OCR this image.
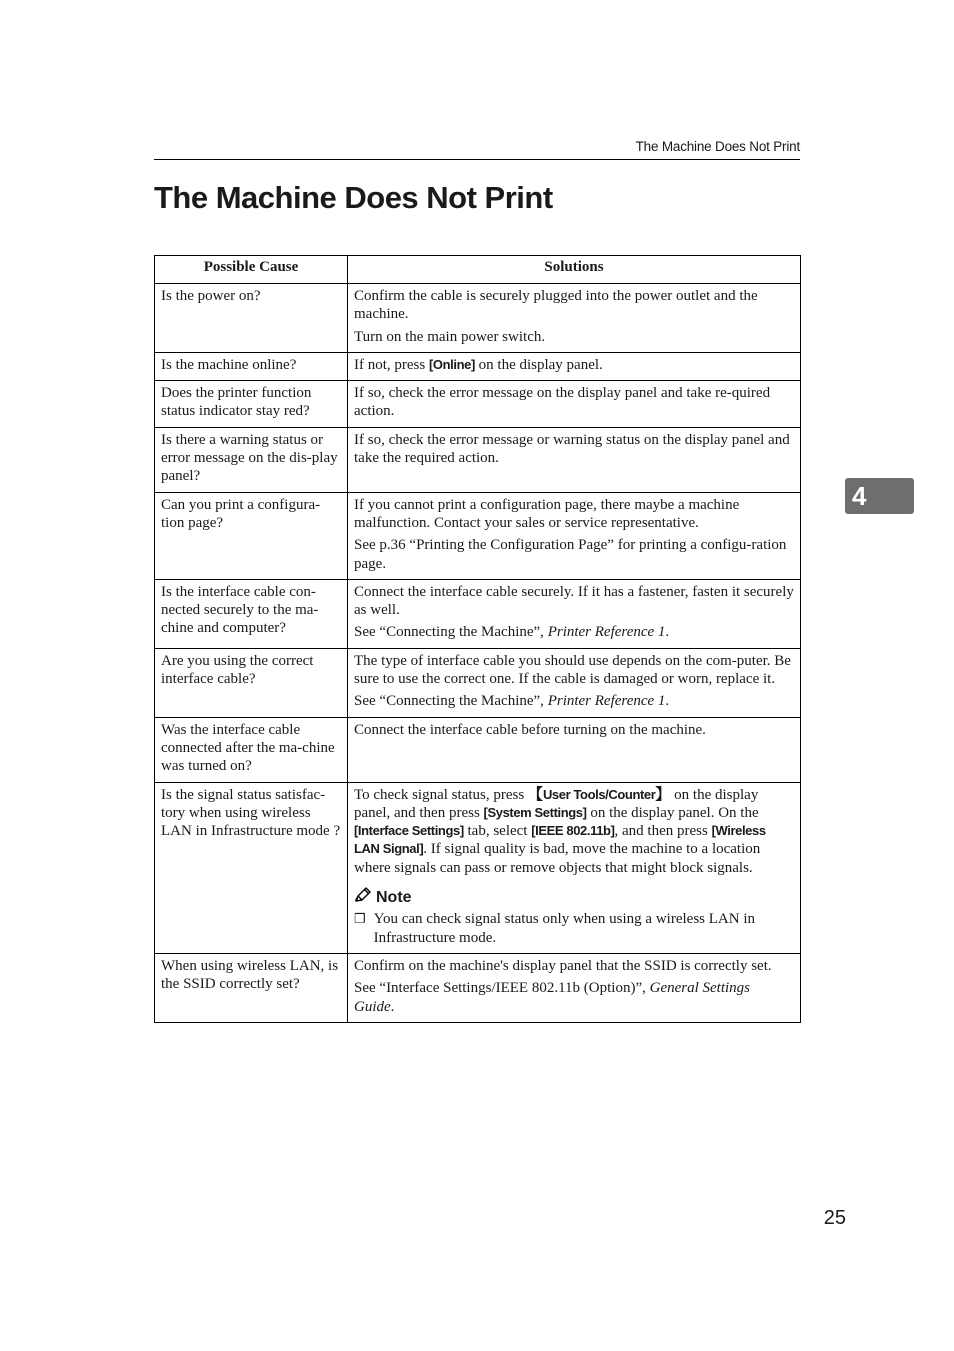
The Machine Does Not Print
The Machine Does Not Print
4
Possible Cause	Solutions
Is the power on?	Confirm the cable is securely plugged into the power outlet and the machine.

Turn on the main power switch.

Is the machine online?	If not, press [Online] on the display panel.

Does the printer function status indicator stay red?	If so, check the error message on the display panel and take re-quired action.

Is there a warning status or error message on the dis-play panel?	If so, check the error message or warning status on the display panel and take the required action.

Can you print a configura-tion page?	If you cannot print a configuration page, there maybe a machine malfunction. Contact your sales or service representative.

See p.36 “Printing the Configuration Page” for printing a configu-ration page.

Is the interface cable con-nected securely to the ma-chine and computer?	Connect the interface cable securely. If it has a fastener, fasten it securely as well.

See “Connecting the Machine”, Printer Reference 1.

Are you using the correct interface cable?	The type of interface cable you should use depends on the com-puter. Be sure to use the correct one. If the cable is damaged or worn, replace it.

See “Connecting the Machine”, Printer Reference 1.

Was the interface cable connected after the ma-chine was turned on?	Connect the interface cable before turning on the machine.

Is the signal status satisfac-tory when using wireless LAN in Infrastructure mode ?	To check signal status, press 【User Tools/Counter】 on the display panel, and then press [System Settings] on the display panel. On the [Interface Settings] tab, select [IEEE 802.11b], and then press [Wireless LAN Signal]. If signal quality is bad, move the machine to a location where signals can pass or remove objects that might block signals.

Note
❒ You can check signal status only when using a wireless LAN in Infrastructure mode.

When using wireless LAN, is the SSID correctly set?	Confirm on the machine's display panel that the SSID is correctly set.

See “Interface Settings/IEEE 802.11b (Option)”, General Settings Guide.

25
